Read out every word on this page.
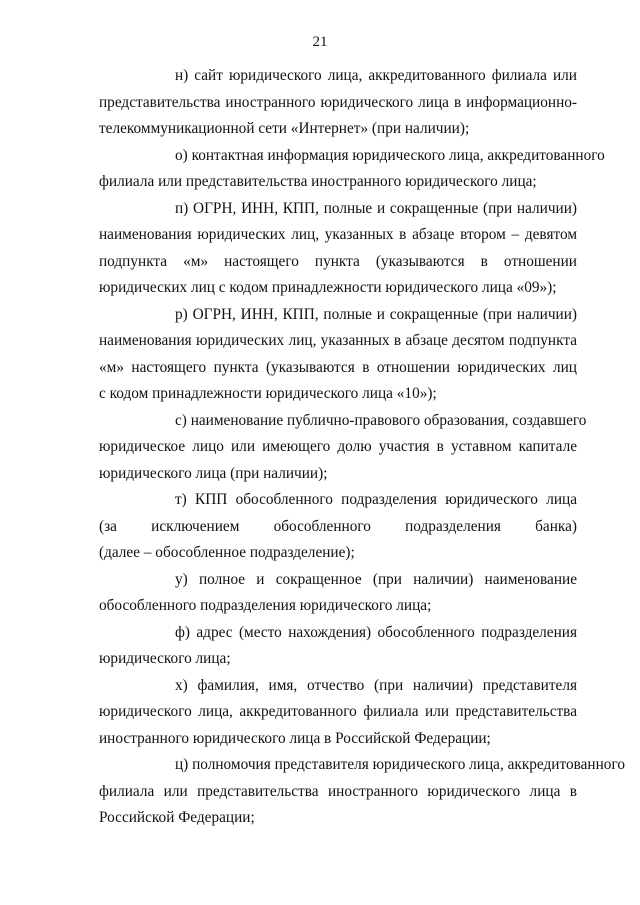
21
н) сайт юридического лица, аккредитованного филиала или представительства иностранного юридического лица в информационно- телекоммуникационной сети «Интернет» (при наличии);
о) контактная информация юридического лица, аккредитованного филиала или представительства иностранного юридического лица;
п) ОГРН, ИНН, КПП, полные и сокращенные (при наличии) наименования юридических лиц, указанных в абзаце втором – девятом подпункта «м» настоящего пункта (указываются в отношении юридических лиц с кодом принадлежности юридического лица «09»);
р) ОГРН, ИНН, КПП, полные и сокращенные (при наличии) наименования юридических лиц, указанных в абзаце десятом подпункта «м» настоящего пункта (указываются в отношении юридических лиц с кодом принадлежности юридического лица «10»);
с) наименование публично-правового образования, создавшего юридическое лицо или имеющего долю участия в уставном капитале юридического лица (при наличии);
т) КПП обособленного подразделения юридического лица (за исключением обособленного подразделения банка) (далее – обособленное подразделение);
у) полное и сокращенное (при наличии) наименование обособленного подразделения юридического лица;
ф) адрес (место нахождения) обособленного подразделения юридического лица;
х) фамилия, имя, отчество (при наличии) представителя юридического лица, аккредитованного филиала или представительства иностранного юридического лица в Российской Федерации;
ц) полномочия представителя юридического лица, аккредитованного филиала или представительства иностранного юридического лица в Российской Федерации;
